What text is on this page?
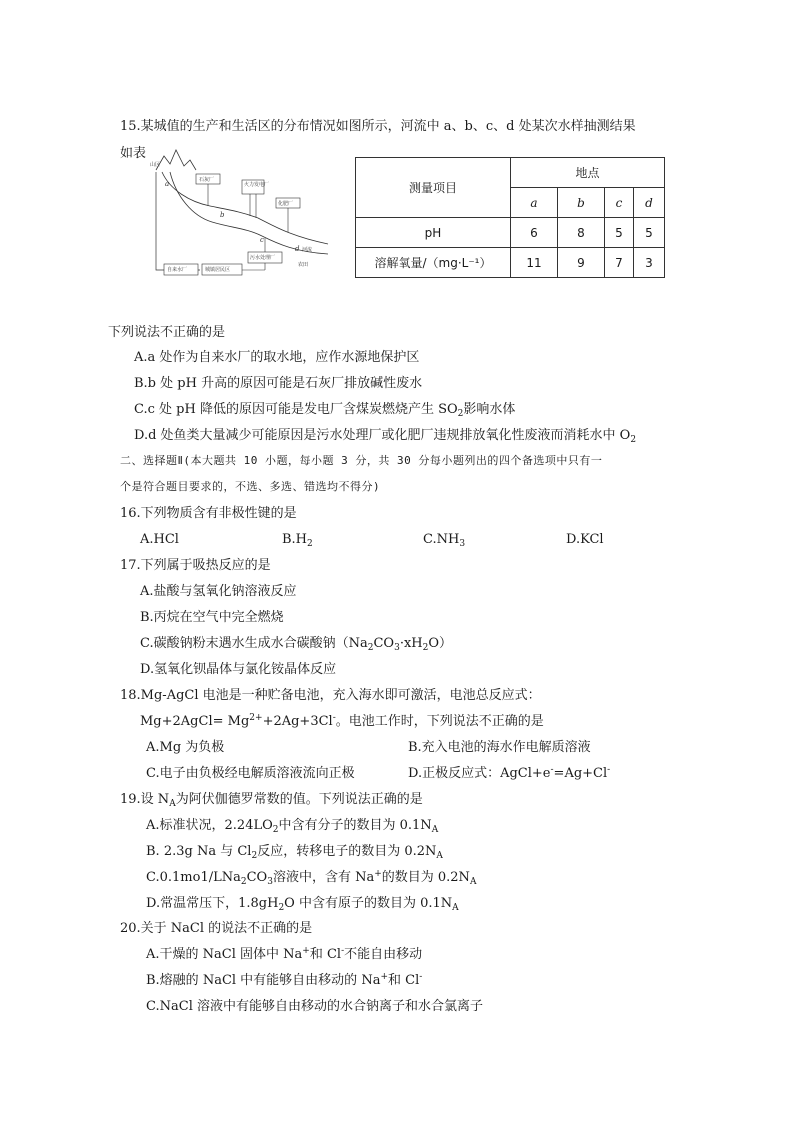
15.某城值的生产和生活区的分布情况如图所示，河流中 a、b、c、d 处某次水样抽测结果
如表
山区
石灰厂
火力发电厂
化肥厂
自来水厂	城镇居民区
污水处理厂
a
b
c
d 河流
农田
测量项目	地点			
	a	b	c	d
pH	6	8	5	5
溶解氧量/（mg·L⁻¹）	11	9	7	3
下列说法不正确的是
A.a 处作为自来水厂的取水地，应作水源地保护区
B.b 处 pH 升高的原因可能是石灰厂排放碱性废水
C.c 处 pH 降低的原因可能是发电厂含煤炭燃烧产生 $SO_2$影响水体
D.d 处鱼类大量减少可能原因是污水处理厂或化肥厂违规排放氧化性废液而消耗水中 $O_2$
二、选择题Ⅱ(本大题共 10 小题，每小题 3 分，共 30 分每小题列出的四个备选项中只有一
个是符合题目要求的，不选、多选、错选均不得分)
16.下列物质含有非极性键的是
A.HCl	$B.H_2$	$C.NH_3$	D.KCl
17.下列属于吸热反应的是
A.盐酸与氢氧化钠溶液反应
B.丙烷在空气中完全燃烧
C.碳酸钠粉末遇水生成水合碳酸钠$(Na_2CO_3\cdot xH_2O)$
D.氢氧化钡晶体与氯化铵晶体反应
18.Mg-AgCl 电池是一种贮备电池，充入海水即可激活，电池总反应式：
Mg+2AgCl= $Mg^{2+}+2Ag+3Cl^-$。电池工作时，下列说法不正确的是
A.Mg 为负极	B.充入电池的海水作电解质溶液
C.电子由负极经电解质溶液流向正极	D.正极反应式：AgCl+e-=Ag+Cl-
19.设 $N_A$为阿伏伽德罗常数的值。下列说法正确的是
A.标准状况，$2.24LO_2$中含有分子的数目为 $0.1N_A$
B. 2.3g Na 与 $Cl_2$反应，转移电子的数目为 $0.2N_A$
$C.0.1mo1/LNa_2CO_3$溶液中，含有 Na+的数目为 $0.2N_A$
D.常温常压下，$1.8gH_2O$ 中含有原子的数目为 $0.1N_A$
20.关于 NaCl 的说法不正确的是
A.干燥的 NaCl 固体中 Na+和 Cl-不能自由移动
B.熔融的 NaCl 中有能够自由移动的 Na+和 Cl-
C.NaCl 溶液中有能够自由移动的水合钠离子和水合氯离子
